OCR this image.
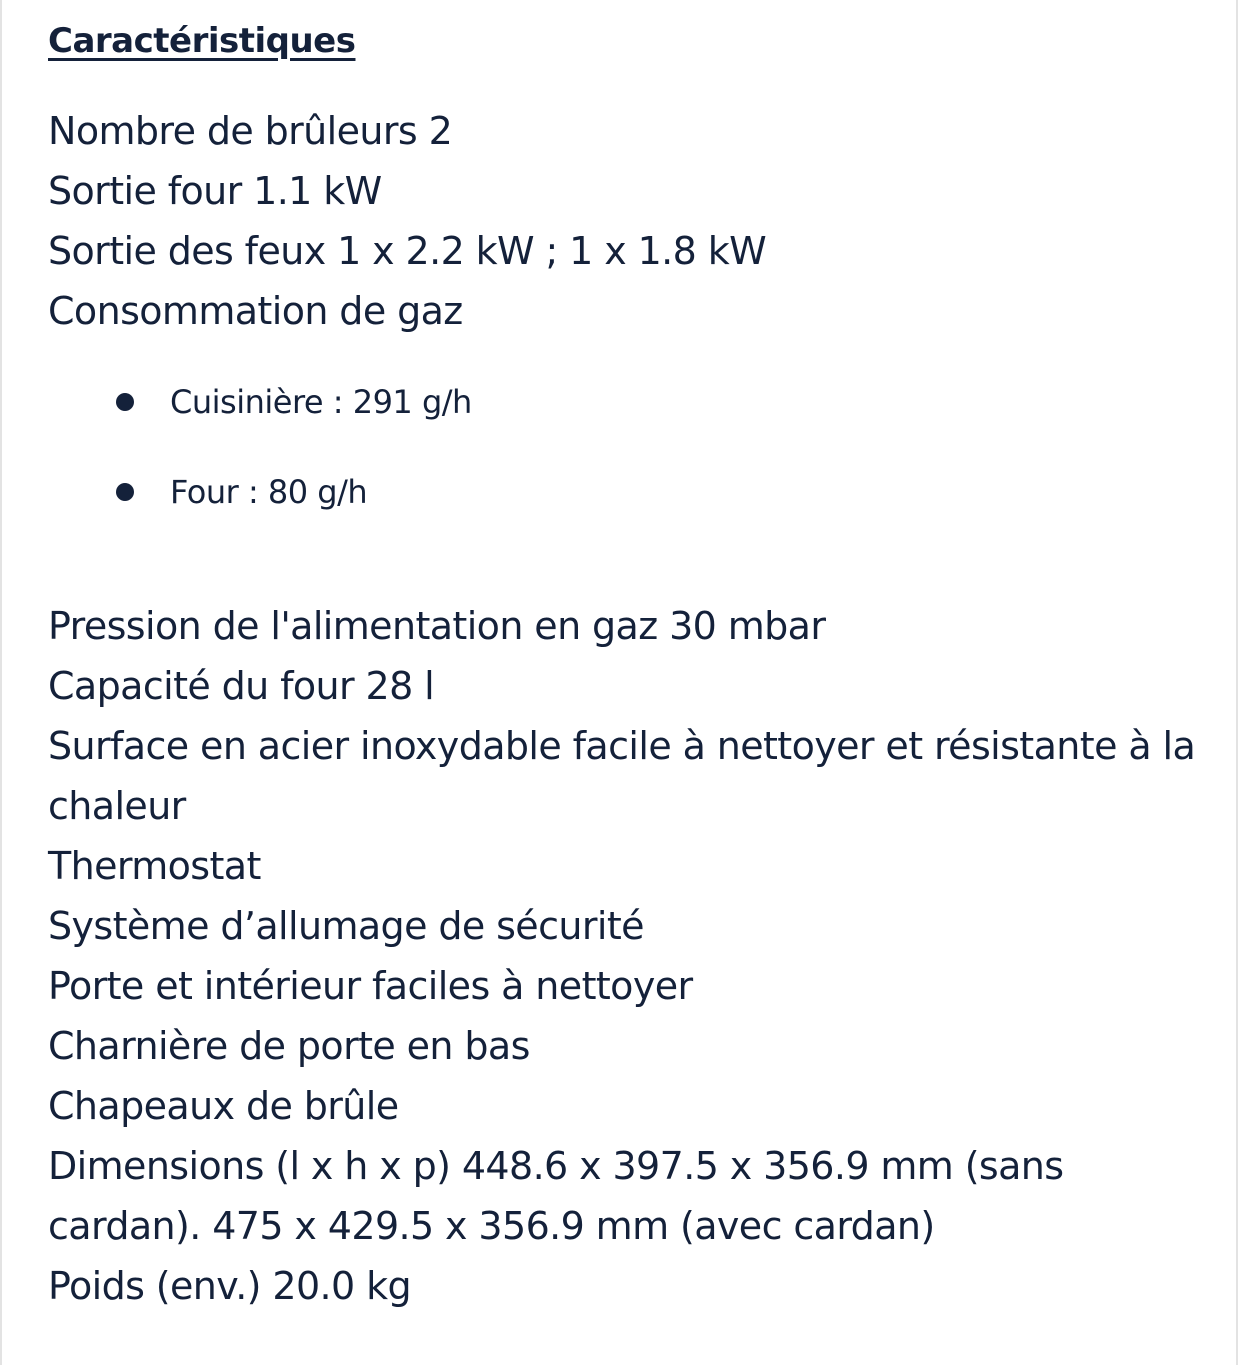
Caractéristiques
Nombre de brûleurs 2
Sortie four 1.1 kW
Sortie des feux 1 x 2.2 kW ; 1 x 1.8 kW
Consommation de gaz
Cuisinière : 291 g/h
Four : 80 g/h
Pression de l'alimentation en gaz 30 mbar
Capacité du four 28 l
Surface en acier inoxydable facile à nettoyer et résistante à la chaleur
Thermostat
Système d’allumage de sécurité
Porte et intérieur faciles à nettoyer
Charnière de porte en bas
Chapeaux de brûle
Dimensions (l x h x p) 448.6 x 397.5 x 356.9 mm (sans cardan). 475 x 429.5 x 356.9 mm (avec cardan)
Poids (env.) 20.0 kg
